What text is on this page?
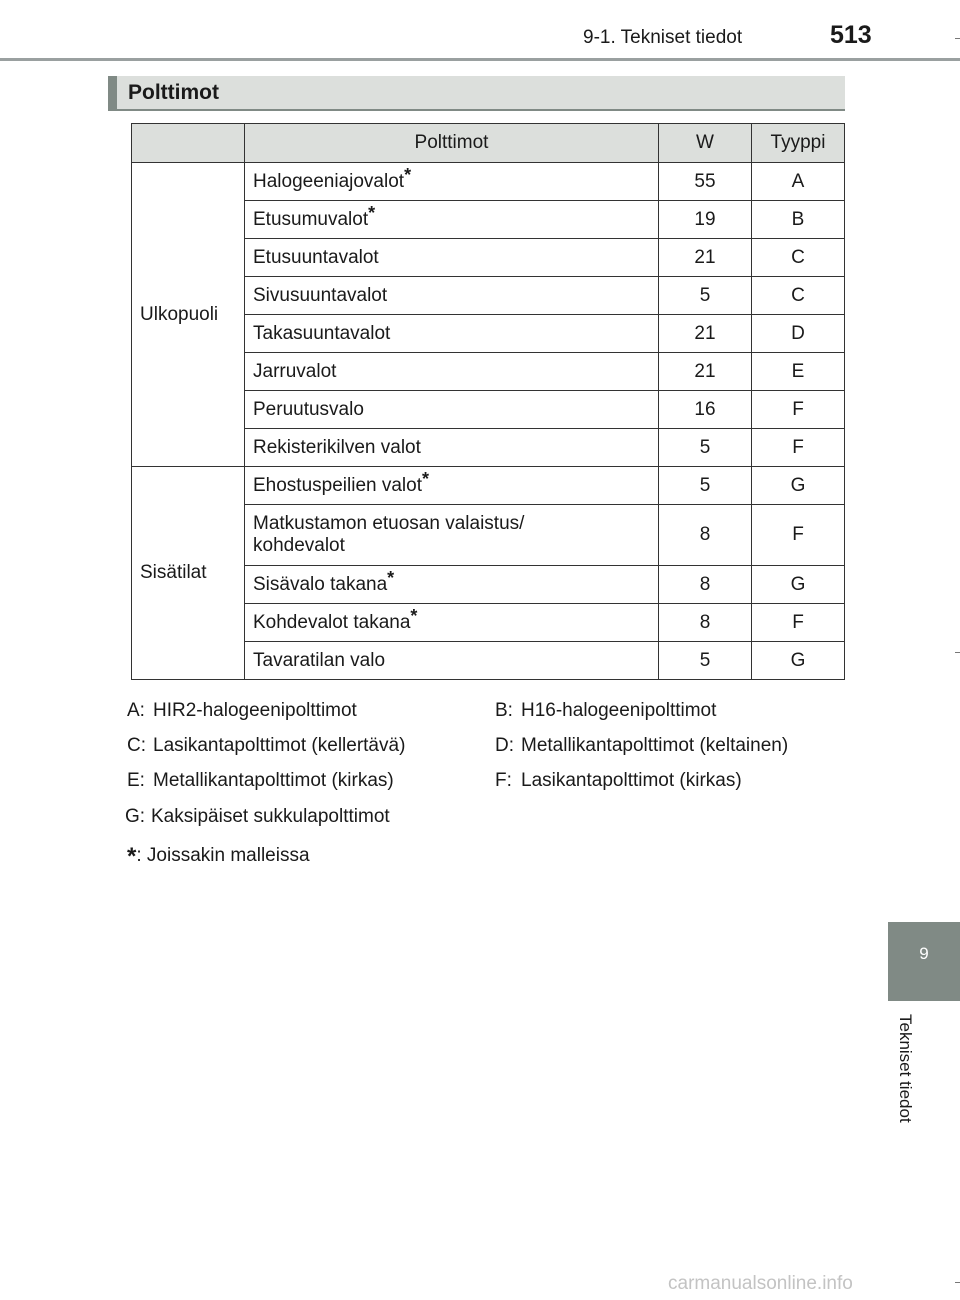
9-1. Tekniset tiedot	513
Polttimot
	Polttimot	W	Tyyppi
Ulkopuoli	Halogeeniajovalot*	55	A
	Etusumuvalot*	19	B
	Etusuuntavalot	21	C
	Sivusuuntavalot	5	C
	Takasuuntavalot	21	D
	Jarruvalot	21	E
	Peruutusvalo	16	F
	Rekisterikilven valot	5	F
Sisätilat	Ehostuspeilien valot*	5	G
	Matkustamon etuosan valaistus/
kohdevalot	8	F
	Sisävalo takana*	8	G
	Kohdevalot takana*	8	F
	Tavaratilan valo	5	G
A: HIR2-halogeenipolttimot	B: H16-halogeenipolttimot
C: Lasikantapolttimot (kellertävä)	D: Metallikantapolttimot (keltainen)
E: Metallikantapolttimot (kirkas)	F: Lasikantapolttimot (kirkas)
G: Kaksipäiset sukkulapolttimot
*: Joissakin malleissa
9
Tekniset tiedot
carmanualsonline.info
